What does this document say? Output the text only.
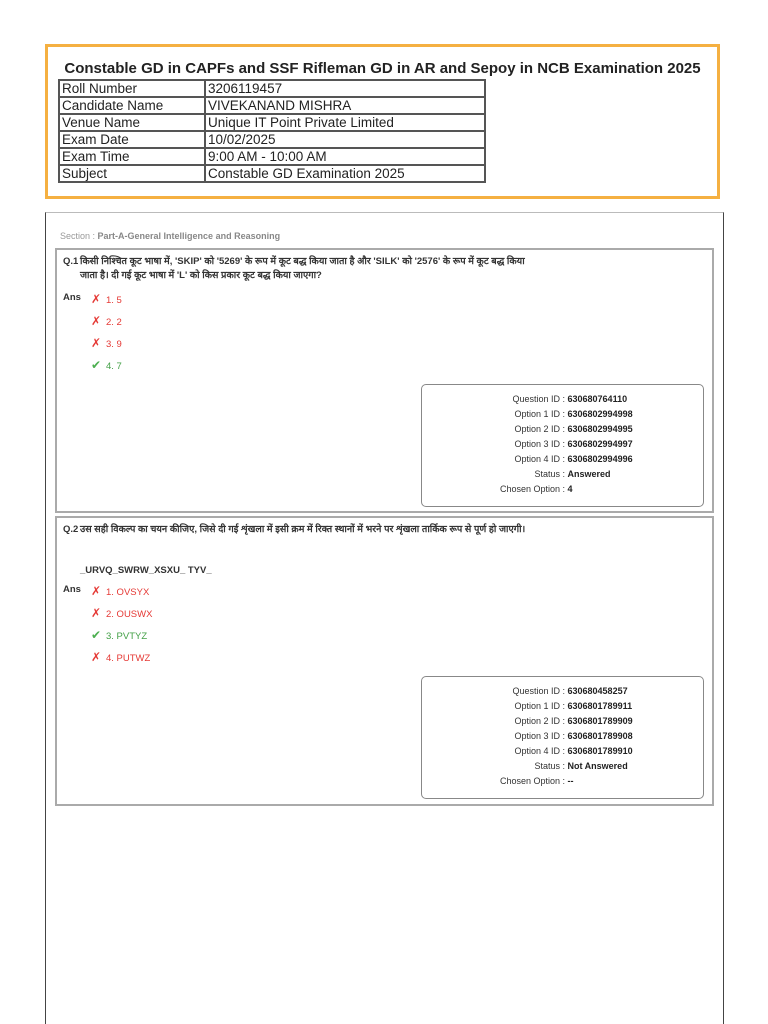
Constable GD in CAPFs and SSF Rifleman GD in AR and Sepoy in NCB Examination 2025
Roll Number	3206119457
Candidate Name	VIVEKANAND MISHRA
Venue Name	Unique IT Point Private Limited
Exam Date	10/02/2025
Exam Time	9:00 AM - 10:00 AM
Subject	Constable GD Examination 2025
Section : Part-A-General Intelligence and Reasoning
Q.1 किसी निश्चित कूट भाषा में, 'SKIP' को '5269' के रूप में कूट बद्ध किया जाता है और 'SILK' को '2576' के रूप में कूट बद्ध किया जाता है। दी गई कूट भाषा में 'L' को किस प्रकार कूट बद्ध किया जाएगा?
Ans ✗ 1. 5
✗ 2. 2
✗ 3. 9
✔ 4. 7
Question ID : 630680764110
Option 1 ID : 6306802994998
Option 2 ID : 6306802994995
Option 3 ID : 6306802994997
Option 4 ID : 6306802994996
Status : Answered
Chosen Option : 4
Q.2 उस सही विकल्प का चयन कीजिए, जिसे दी गई शृंखला में इसी क्रम में रिक्त स्थानों में भरने पर शृंखला तार्किक रूप से पूर्ण हो जाएगी।
_URVQ_SWRW_XSXU_ TYV_
Ans ✗ 1. OVSYX
✗ 2. OUSWX
✔ 3. PVTYZ
✗ 4. PUTWZ
Question ID : 630680458257
Option 1 ID : 6306801789911
Option 2 ID : 6306801789909
Option 3 ID : 6306801789908
Option 4 ID : 6306801789910
Status : Not Answered
Chosen Option : --
